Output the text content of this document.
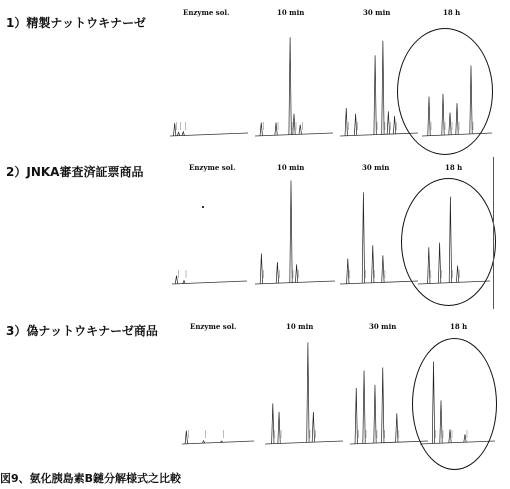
1）精製ナットウキナーゼ
2）JNKA審査済証票商品
3）偽ナットウキナーゼ商品
Enzyme sol.	10 min	30 min	18 h
Enzyme sol.	10 min	30 min	18 h
Enzyme sol.	10 min	30 min	18 h
図9、氨化胰島素B鏈分解様式之比較
